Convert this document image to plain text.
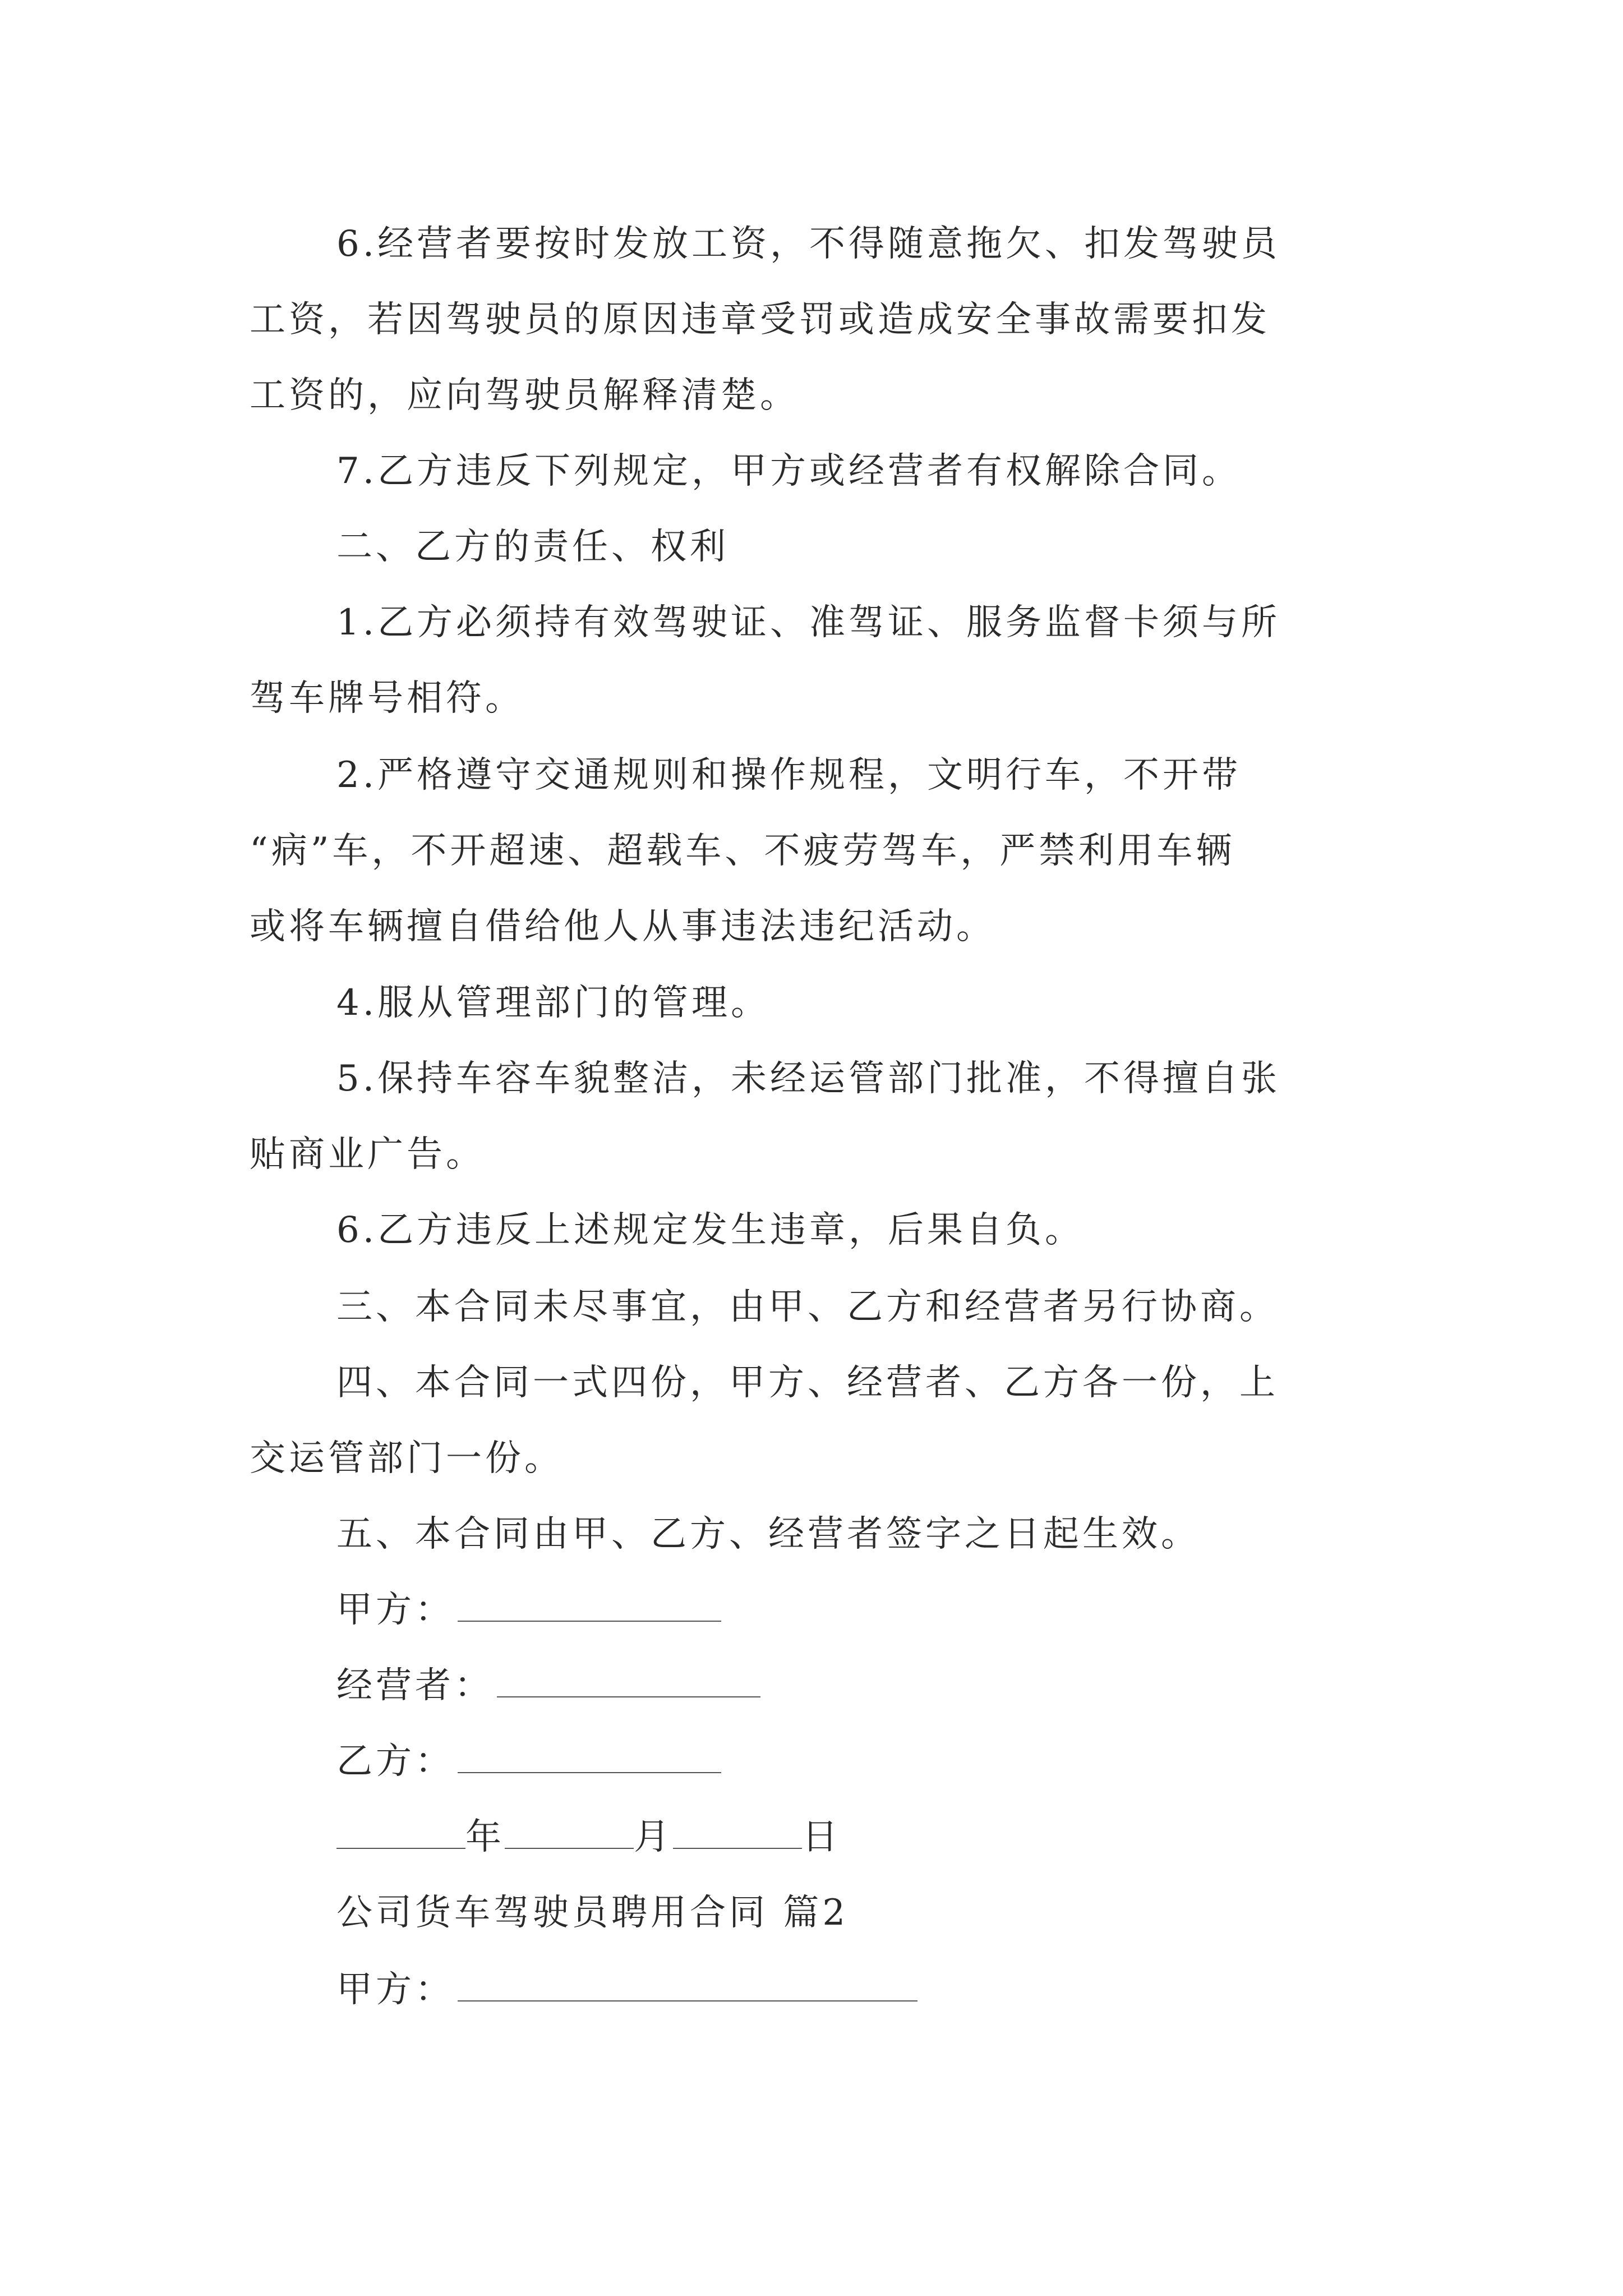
6.经营者要按时发放工资，不得随意拖欠、扣发驾驶员
工资，若因驾驶员的原因违章受罚或造成安全事故需要扣发
工资的，应向驾驶员解释清楚。
7.乙方违反下列规定，甲方或经营者有权解除合同。
二、乙方的责任、权利
1.乙方必须持有效驾驶证、准驾证、服务监督卡须与所
驾车牌号相符。
2.严格遵守交通规则和操作规程，文明行车，不开带
“病”车，不开超速、超载车、不疲劳驾车，严禁利用车辆
或将车辆擅自借给他人从事违法违纪活动。
4.服从管理部门的管理。
5.保持车容车貌整洁，未经运管部门批准，不得擅自张
贴商业广告。
6.乙方违反上述规定发生违章，后果自负。
三、本合同未尽事宜，由甲、乙方和经营者另行协商。
四、本合同一式四份，甲方、经营者、乙方各一份，上
交运管部门一份。
五、本合同由甲、乙方、经营者签字之日起生效。
甲方：
经营者：
乙方：
年	月	日
公司货车驾驶员聘用合同 篇2
甲方：
